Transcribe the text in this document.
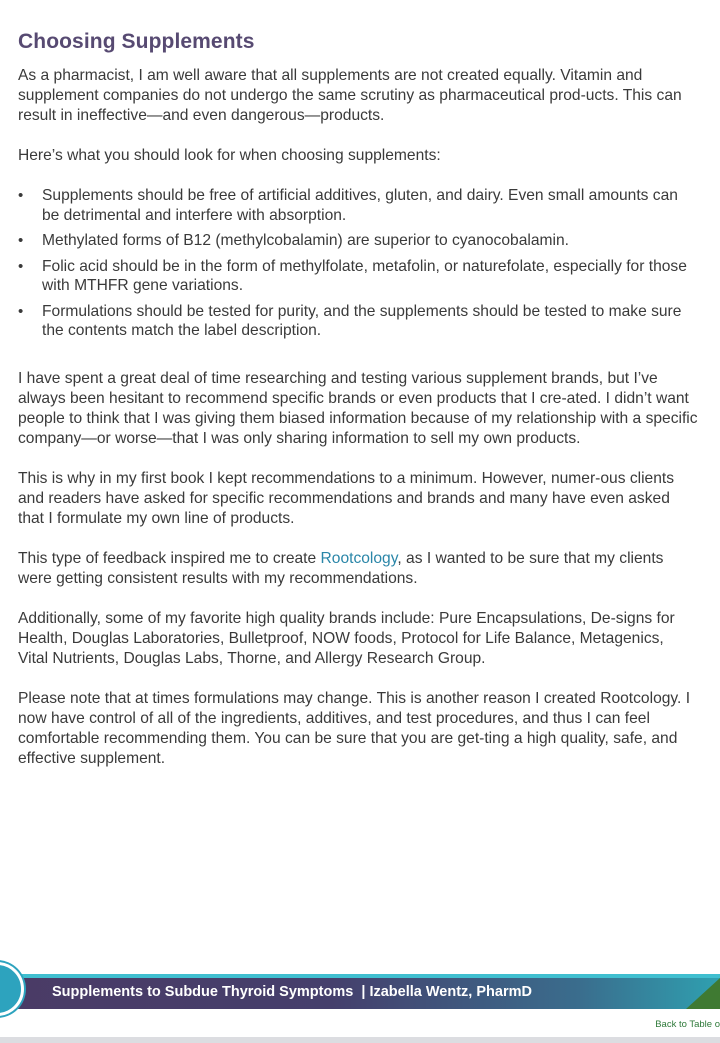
Choosing Supplements

As a pharmacist, I am well aware that all supplements are not created equally. Vitamin and supplement companies do not undergo the same scrutiny as pharmaceutical prod-ucts. This can result in ineffective—and even dangerous—products.

Here’s what you should look for when choosing supplements:

• Supplements should be free of artificial additives, gluten, and dairy. Even small amounts can be detrimental and interfere with absorption.
• Methylated forms of B12 (methylcobalamin) are superior to cyanocobalamin.
• Folic acid should be in the form of methylfolate, metafolin, or naturefolate, especially for those with MTHFR gene variations.
• Formulations should be tested for purity, and the supplements should be tested to make sure the contents match the label description.

I have spent a great deal of time researching and testing various supplement brands, but I’ve always been hesitant to recommend specific brands or even products that I cre-ated. I didn’t want people to think that I was giving them biased information because of my relationship with a specific company—or worse—that I was only sharing information to sell my own products.

This is why in my first book I kept recommendations to a minimum. However, numer-ous clients and readers have asked for specific recommendations and brands and many have even asked that I formulate my own line of products.

This type of feedback inspired me to create Rootcology, as I wanted to be sure that my clients were getting consistent results with my recommendations.

Additionally, some of my favorite high quality brands include: Pure Encapsulations, De-signs for Health, Douglas Laboratories, Bulletproof, NOW foods, Protocol for Life Balance, Metagenics, Vital Nutrients, Douglas Labs, Thorne, and Allergy Research Group.

Please note that at times formulations may change. This is another reason I created Rootcology. I now have control of all of the ingredients, additives, and test procedures, and thus I can feel comfortable recommending them. You can be sure that you are get-ting a high quality, safe, and effective supplement.

Supplements to Subdue Thyroid Symptoms | Izabella Wentz, PharmD
Back to Table o
